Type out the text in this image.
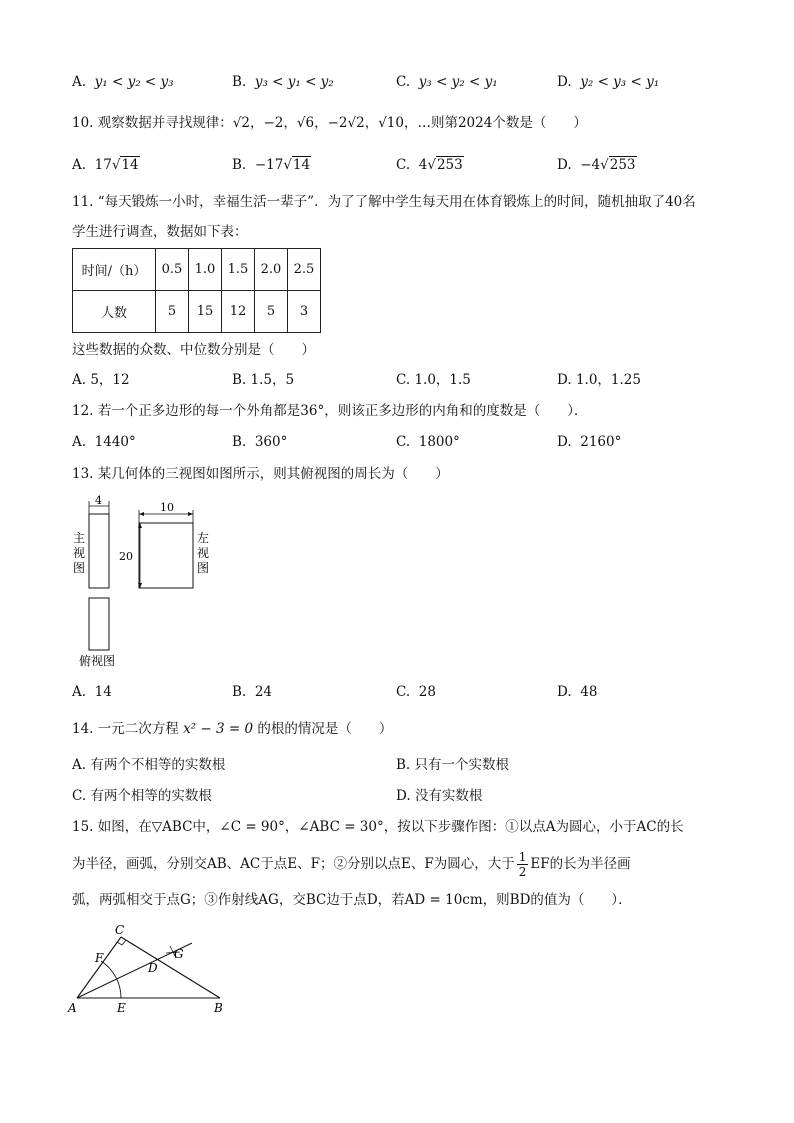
A. y₁ < y₂ < y₃	B. y₃ < y₁ < y₂	C. y₃ < y₂ < y₁	D. y₂ < y₃ < y₁
10. 观察数据并寻找规律：√2，−2，√6，−2√2，√10，…则第2024个数是（　　）
A. 17√14	B. −17√14	C. 4√253	D. −4√253
11. “每天锻炼一小时，幸福生活一辈子”．为了了解中学生每天用在体育锻炼上的时间，随机抽取了40名
学生进行调查，数据如下表：
时间/（h）	0.5	1.0	1.5	2.0	2.5
人数	5	15	12	5	3
这些数据的众数、中位数分别是（　　）
A. 5，12	B. 1.5，5	C. 1.0，1.5	D. 1.0，1.25
12. 若一个正多边形的每一个外角都是36°，则该正多边形的内角和的度数是（　　）．
A. 1440°	B. 360°	C. 1800°	D. 2160°
13. 某几何体的三视图如图所示，则其俯视图的周长为（　　）
4
主
视
图
10
20
左
视
图
俯视图
A. 14	B. 24	C. 28	D. 48
14. 一元二次方程 x² − 3 = 0 的根的情况是（　　）
A. 有两个不相等的实数根	B. 只有一个实数根
C. 有两个相等的实数根	D. 没有实数根
15. 如图，在▽ABC中，∠C = 90°，∠ABC = 30°，按以下步骤作图：①以点A为圆心，小于AC的长
为半径，画弧，分别交AB、AC于点E、F；②分别以点E、F为圆心，大于 $\frac{1}{2}$ EF的长为半径画
弧，两弧相交于点G；③作射线AG，交BC边于点D，若AD = 10cm，则BD的值为（　　）．
A	B
C
D
E
F	G
